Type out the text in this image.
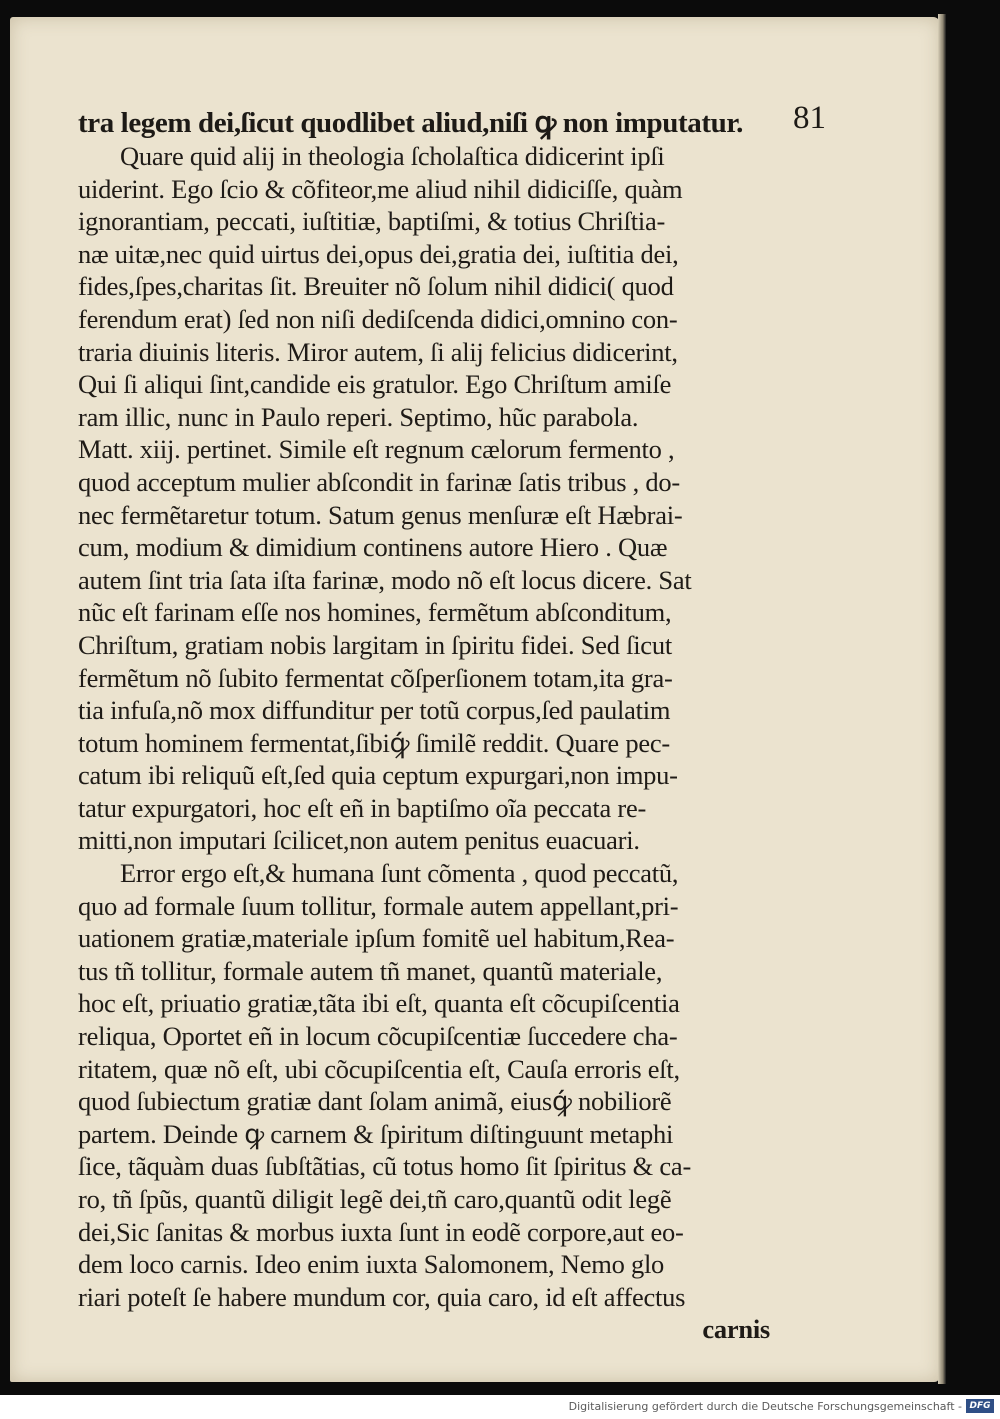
tra legem dei,ſicut quodlibet aliud,niſi ꝙ non imputatur.	81
Quare quid alij in theologia ſcholaſtica didicerint ipſi
uiderint. Ego ſcio & cõfiteor,me aliud nihil didiciſſe, quàm
ignorantiam, peccati, iuſtitiæ, baptiſmi, & totius Chriſtia-
næ uitæ,nec quid uirtus dei,opus dei,gratia dei, iuſtitia dei,
fides,ſpes,charitas ſit. Breuiter nõ ſolum nihil didici( quod
ferendum erat) ſed non niſi dediſcenda didici,omnino con-
traria diuinis literis. Miror autem, ſi alij felicius didicerint,
Qui ſi aliqui ſint,candide eis gratulor. Ego Chriſtum amiſe
ram illic, nunc in Paulo reperi. Septimo, hũc parabola.
Matt. xiij. pertinet. Simile eſt regnum cælorum fermento ,
quod acceptum mulier abſcondit in farinæ ſatis tribus , do-
nec fermẽtaretur totum. Satum genus menſuræ eſt Hæbrai-
cum, modium & dimidium continens autore Hiero . Quæ
autem ſint tria ſata iſta farinæ, modo nõ eſt locus dicere. Sat
nũc eſt farinam eſſe nos homines, fermẽtum abſconditum,
Chriſtum, gratiam nobis largitam in ſpiritu fidei. Sed ſicut
fermẽtum nõ ſubito fermentat cõſperſionem totam,ita gra-
tia infuſa,nõ mox diffunditur per totũ corpus,ſed paulatim
totum hominem fermentat,ſibiꝙ́ ſimilẽ reddit. Quare pec-
catum ibi reliquũ eſt,ſed quia ceptum expurgari,non impu-
tatur expurgatori, hoc eſt eñ in baptiſmo oĩa peccata re-
mitti,non imputari ſcilicet,non autem penitus euacuari.
Error ergo eſt,& humana ſunt cõmenta , quod peccatũ,
quo ad formale ſuum tollitur, formale autem appellant,pri-
uationem gratiæ,materiale ipſum fomitẽ uel habitum,Rea-
tus tñ tollitur, formale autem tñ manet, quantũ materiale,
hoc eſt, priuatio gratiæ,tãta ibi eſt, quanta eſt cõcupiſcentia
reliqua, Oportet eñ in locum cõcupiſcentiæ ſuccedere cha-
ritatem, quæ nõ eſt, ubi cõcupiſcentia eſt, Cauſa erroris eſt,
quod ſubiectum gratiæ dant ſolam animã, eiusꝙ́ nobiliorẽ
partem. Deinde ꝙ carnem & ſpiritum diſtinguunt metaphi
ſice, tãquàm duas ſubſtãtias, cũ totus homo ſit ſpiritus & ca-
ro, tñ ſpũs, quantũ diligit legẽ dei,tñ caro,quantũ odit legẽ
dei,Sic ſanitas & morbus iuxta ſunt in eodẽ corpore,aut eo-
dem loco carnis. Ideo enim iuxta Salomonem, Nemo glo
riari poteſt ſe habere mundum cor, quia caro, id eſt affectus
carnis
Digitalisierung gefördert durch die Deutsche Forschungsgemeinschaft - DFG
